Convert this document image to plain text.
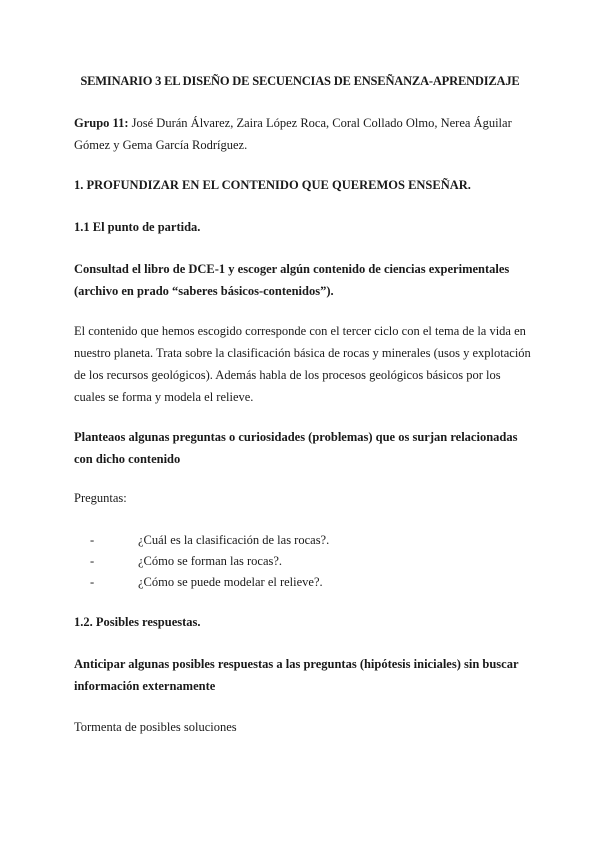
SEMINARIO 3 EL DISEÑO DE SECUENCIAS DE ENSEÑANZA-APRENDIZAJE
Grupo 11: José Durán Álvarez, Zaira López Roca, Coral Collado Olmo, Nerea Águilar Gómez y Gema García Rodríguez.
1. PROFUNDIZAR EN EL CONTENIDO QUE QUEREMOS ENSEÑAR.
1.1 El punto de partida.
Consultad el libro de DCE-1 y escoger algún contenido de ciencias experimentales (archivo en prado “saberes básicos-contenidos”).
El contenido que hemos escogido corresponde con el tercer ciclo con el tema de la vida en nuestro planeta. Trata sobre la clasificación básica de rocas y minerales (usos y explotación de los recursos geológicos). Además habla de los procesos geológicos básicos por los cuales se forma y modela el relieve.
Planteaos algunas preguntas o curiosidades (problemas) que os surjan relacionadas con dicho contenido
Preguntas:
-	¿Cuál es la clasificación de las rocas?.
-	¿Cómo se forman las rocas?.
-	¿Cómo se puede modelar el relieve?.
1.2. Posibles respuestas.
Anticipar algunas posibles respuestas a las preguntas (hipótesis iniciales) sin buscar información externamente
Tormenta de posibles soluciones
